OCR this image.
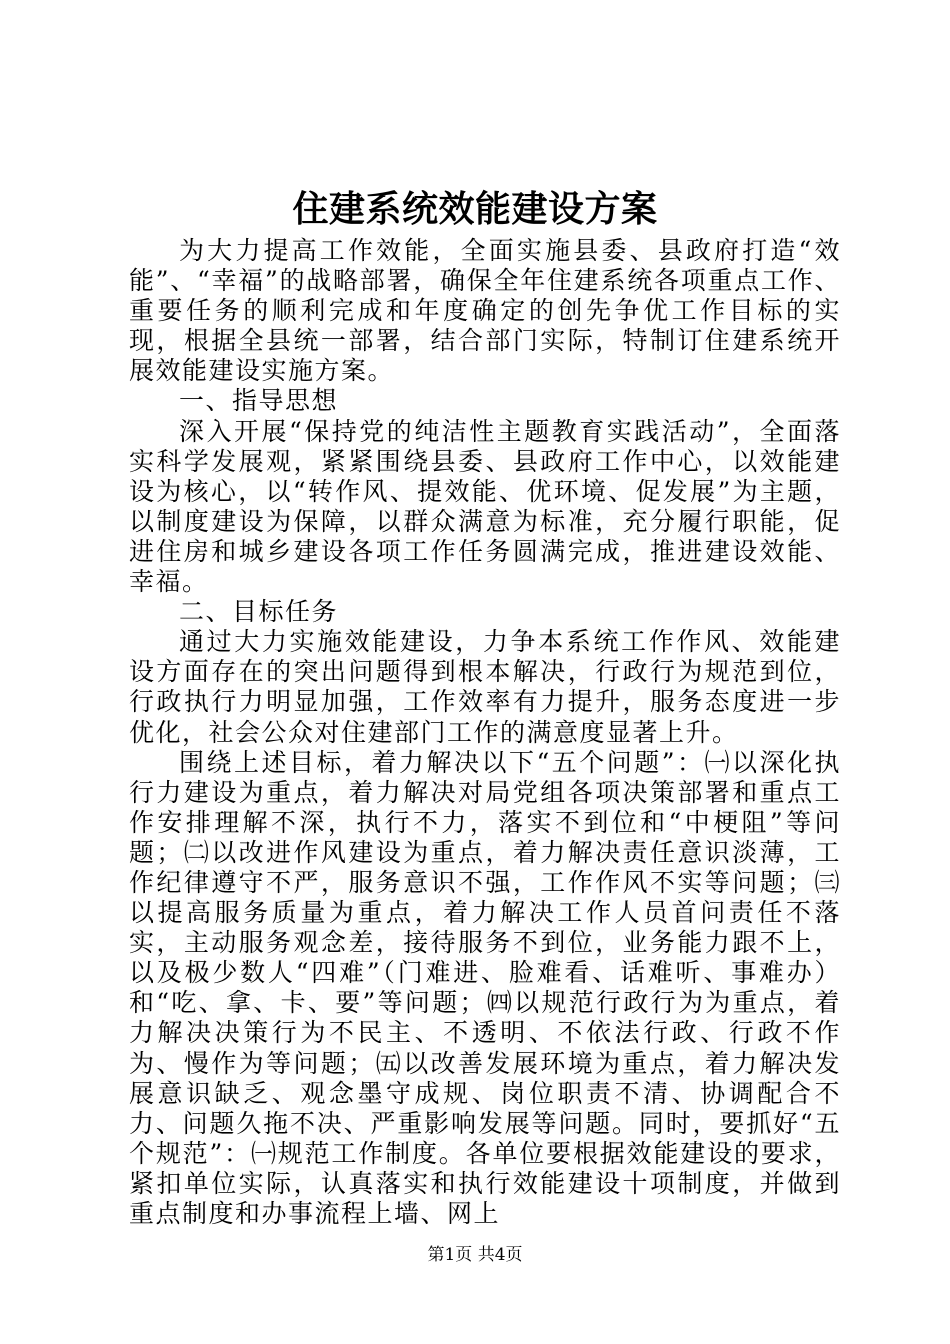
住建系统效能建设方案

为大力提高工作效能，全面实施县委、县政府打造“效能”、“幸福”的战略部署，确保全年住建系统各项重点工作、重要任务的顺利完成和年度确定的创先争优工作目标的实现，根据全县统一部署，结合部门实际，特制订住建系统开展效能建设实施方案。

一、指导思想

深入开展“保持党的纯洁性主题教育实践活动”，全面落实科学发展观，紧紧围绕县委、县政府工作中心，以效能建设为核心，以“转作风、提效能、优环境、促发展”为主题，以制度建设为保障，以群众满意为标准，充分履行职能，促进住房和城乡建设各项工作任务圆满完成，推进建设效能、幸福。

二、目标任务

通过大力实施效能建设，力争本系统工作作风、效能建设方面存在的突出问题得到根本解决，行政行为规范到位，行政执行力明显加强，工作效率有力提升，服务态度进一步优化，社会公众对住建部门工作的满意度显著上升。

围绕上述目标，着力解决以下“五个问题”：㈠以深化执行力建设为重点，着力解决对局党组各项决策部署和重点工作安排理解不深，执行不力，落实不到位和“中梗阻”等问题；㈡以改进作风建设为重点，着力解决责任意识淡薄，工作纪律遵守不严，服务意识不强，工作作风不实等问题；㈢以提高服务质量为重点，着力解决工作人员首问责任不落实，主动服务观念差，接待服务不到位，业务能力跟不上，以及极少数人“四难”（门难进、脸难看、话难听、事难办）和“吃、拿、卡、要”等问题；㈣以规范行政行为为重点，着力解决决策行为不民主、不透明、不依法行政、行政不作为、慢作为等问题；㈤以改善发展环境为重点，着力解决发展意识缺乏、观念墨守成规、岗位职责不清、协调配合不力、问题久拖不决、严重影响发展等问题。同时，要抓好“五个规范”：㈠规范工作制度。各单位要根据效能建设的要求，紧扣单位实际，认真落实和执行效能建设十项制度，并做到重点制度和办事流程上墙、网上

第1页 共4页
